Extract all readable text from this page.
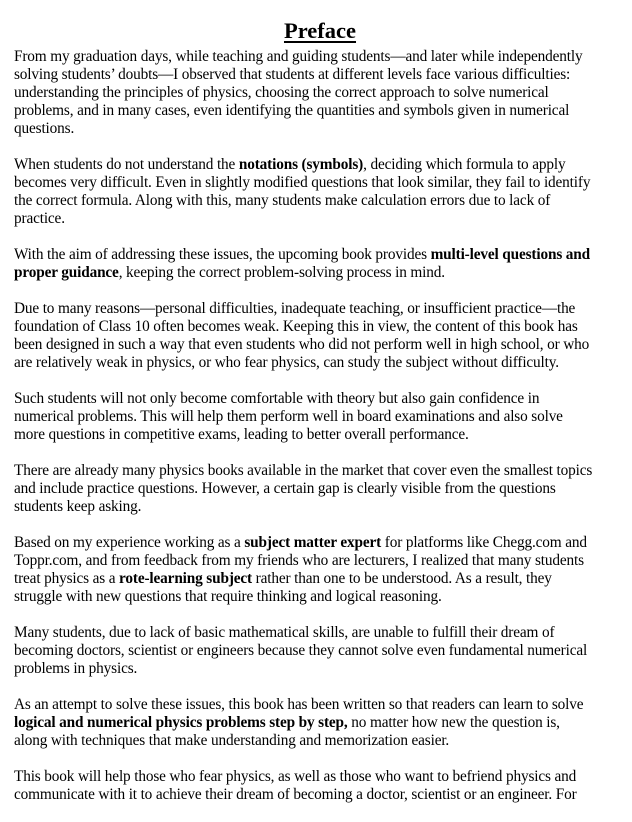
Preface

From my graduation days, while teaching and guiding students—and later while independently
solving students’ doubts—I observed that students at different levels face various difficulties:
understanding the principles of physics, choosing the correct approach to solve numerical
problems, and in many cases, even identifying the quantities and symbols given in numerical
questions.

When students do not understand the notations (symbols), deciding which formula to apply
becomes very difficult. Even in slightly modified questions that look similar, they fail to identify
the correct formula. Along with this, many students make calculation errors due to lack of
practice.

With the aim of addressing these issues, the upcoming book provides multi-level questions and
proper guidance, keeping the correct problem-solving process in mind.

Due to many reasons—personal difficulties, inadequate teaching, or insufficient practice—the
foundation of Class 10 often becomes weak. Keeping this in view, the content of this book has
been designed in such a way that even students who did not perform well in high school, or who
are relatively weak in physics, or who fear physics, can study the subject without difficulty.

Such students will not only become comfortable with theory but also gain confidence in
numerical problems. This will help them perform well in board examinations and also solve
more questions in competitive exams, leading to better overall performance.

There are already many physics books available in the market that cover even the smallest topics
and include practice questions. However, a certain gap is clearly visible from the questions
students keep asking.

Based on my experience working as a subject matter expert for platforms like Chegg.com and
Toppr.com, and from feedback from my friends who are lecturers, I realized that many students
treat physics as a rote-learning subject rather than one to be understood. As a result, they
struggle with new questions that require thinking and logical reasoning.

Many students, due to lack of basic mathematical skills, are unable to fulfill their dream of
becoming doctors, scientist or engineers because they cannot solve even fundamental numerical
problems in physics.

As an attempt to solve these issues, this book has been written so that readers can learn to solve
logical and numerical physics problems step by step, no matter how new the question is,
along with techniques that make understanding and memorization easier.

This book will help those who fear physics, as well as those who want to befriend physics and
communicate with it to achieve their dream of becoming a doctor, scientist or an engineer. For
